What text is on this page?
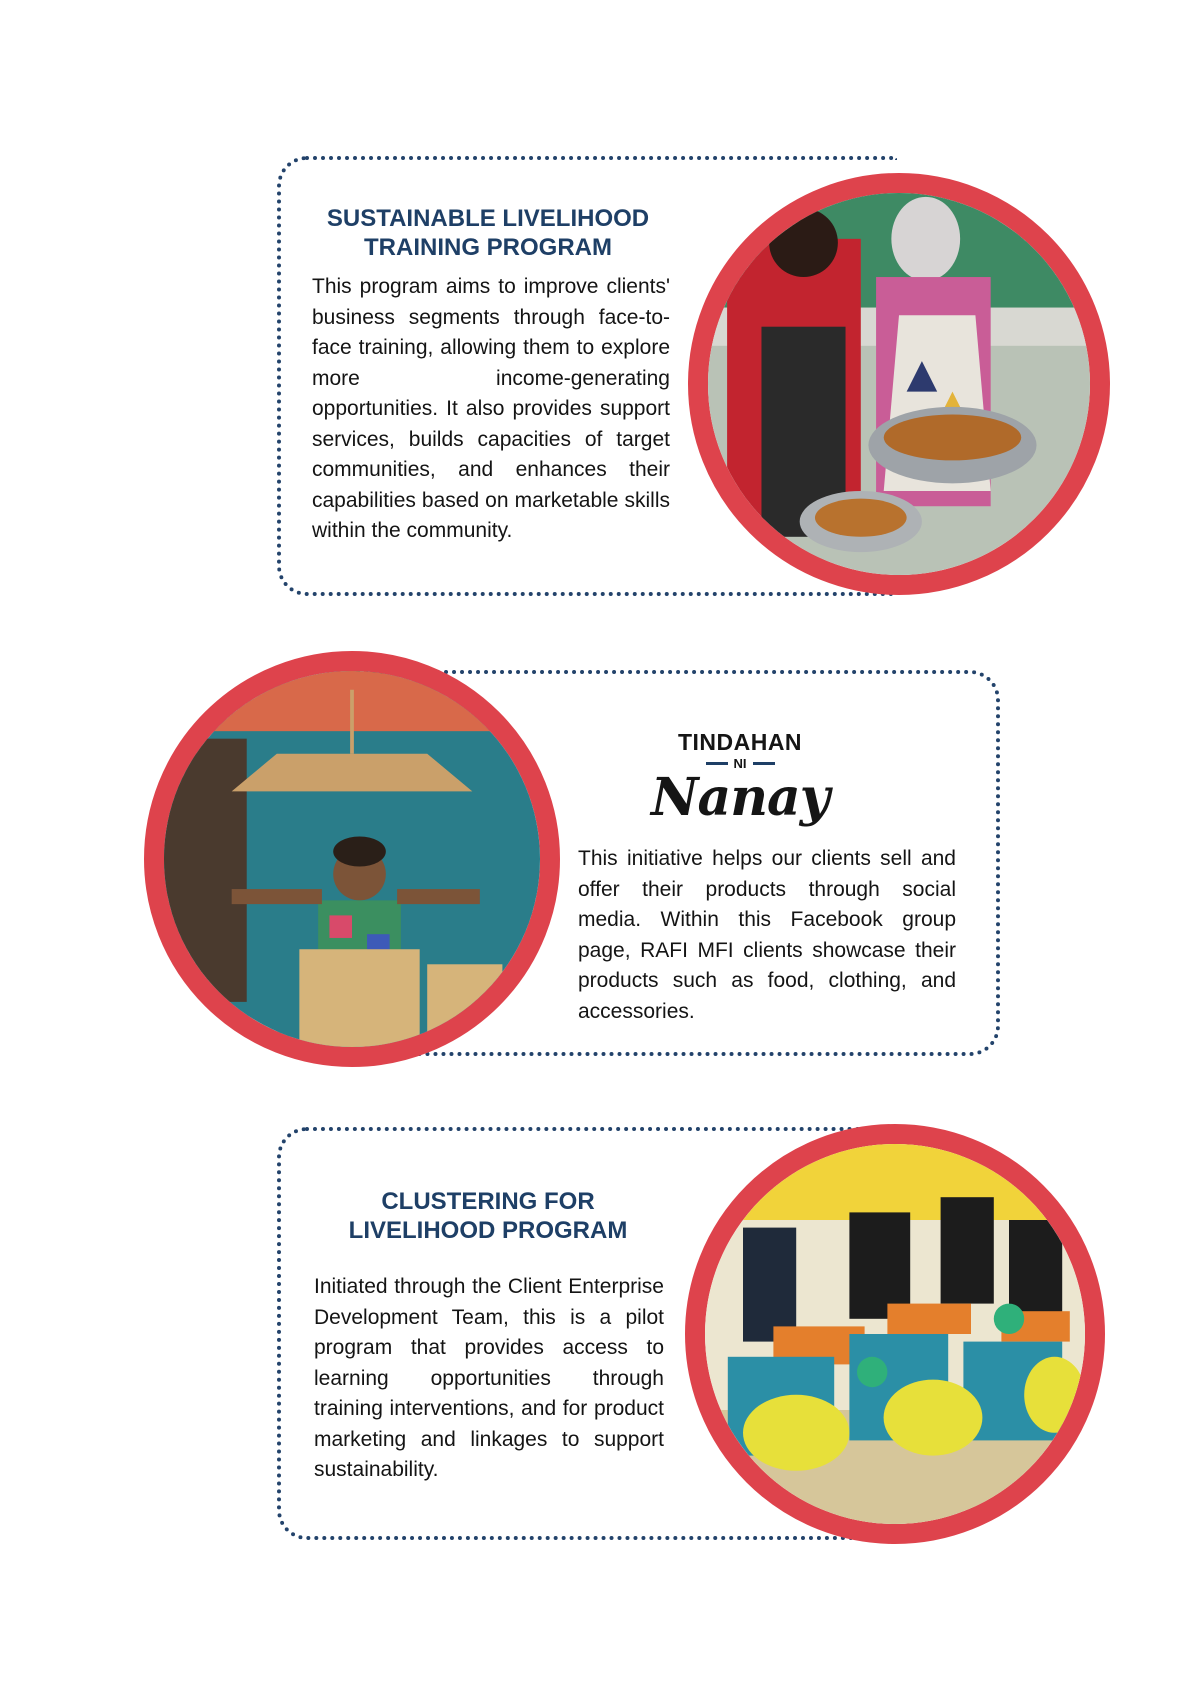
SUSTAINABLE LIVELIHOOD
TRAINING PROGRAM

This program aims to improve clients' business segments through face-to-face training, allowing them to explore more income-generating opportunities. It also provides support services, builds capacities of target communities, and enhances their capabilities based on marketable skills within the community.

TINDAHAN
NI
Nanay

This initiative helps our clients sell and offer their products through social media. Within this Facebook group page, RAFI MFI clients showcase their products such as food, clothing, and accessories.

CLUSTERING FOR
LIVELIHOOD PROGRAM

Initiated through the Client Enterprise Development Team, this is a pilot program that provides access to learning opportunities through training interventions, and for product marketing and linkages to support sustainability.
